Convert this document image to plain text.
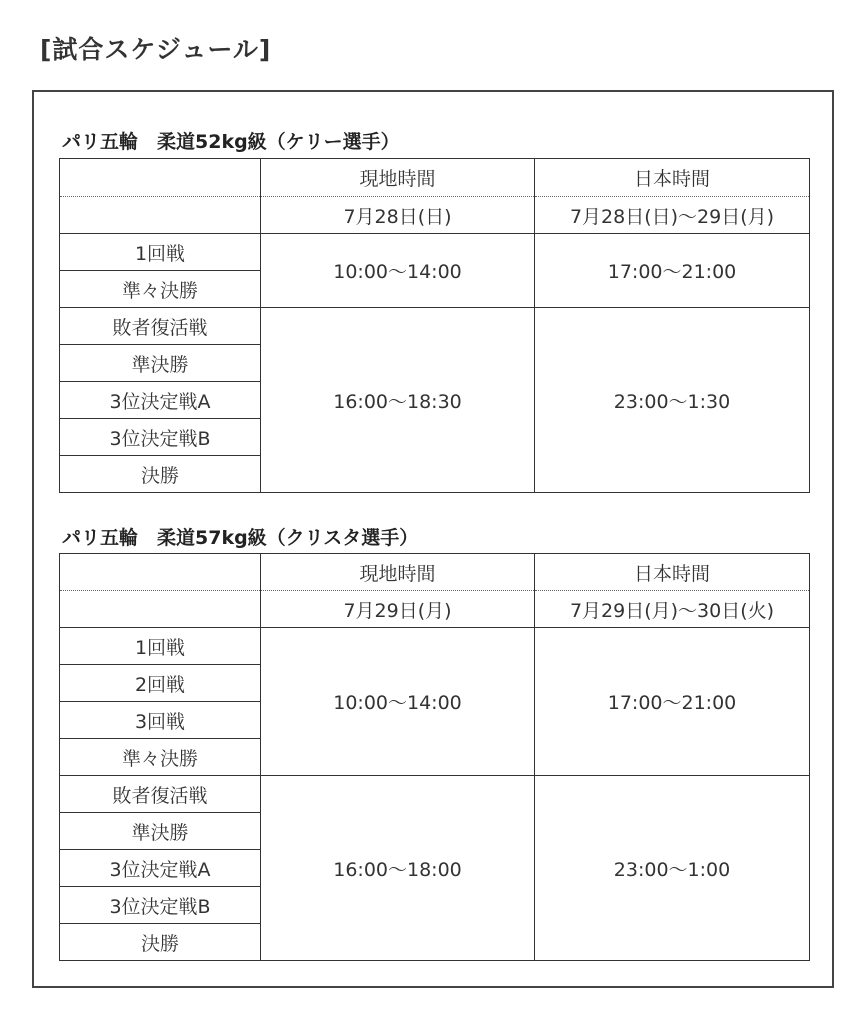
[試合スケジュール]
パリ五輪　柔道52kg級（ケリー選手）
	現地時間	日本時間
	7月28日(日)	7月28日(日)〜29日(月)
1回戦	10:00〜14:00	17:00〜21:00
準々決勝		
敗者復活戦	16:00〜18:30	23:00〜1:30
準決勝		
3位決定戦A		
3位決定戦B		
決勝		
パリ五輪　柔道57kg級（クリスタ選手）
	現地時間	日本時間
	7月29日(月)	7月29日(月)〜30日(火)
1回戦	10:00〜14:00	17:00〜21:00
2回戦		
3回戦		
準々決勝		
敗者復活戦	16:00〜18:00	23:00〜1:00
準決勝		
3位決定戦A		
3位決定戦B		
決勝		
